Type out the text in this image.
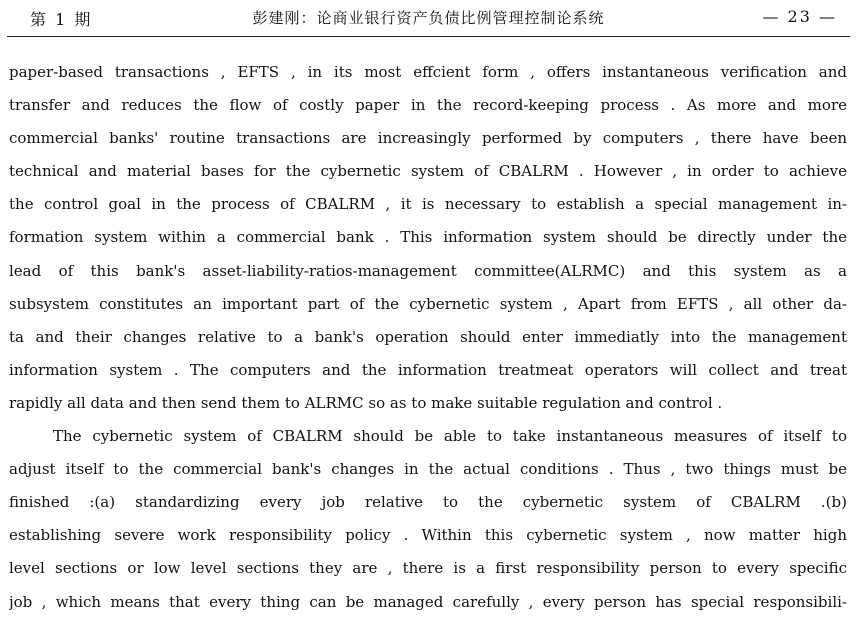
第 1 期	彭建刚：论商业银行资产负债比例管理控制论系统	— 23 —
paper-based transactions , EFTS , in its most effcient form , offers instantaneous verification and
transfer and reduces the flow of costly paper in the record-keeping process . As more and more
commercial banks' routine transactions are increasingly performed by computers , there have been
technical and material bases for the cybernetic system of CBALRM . However , in order to achieve
the control goal in the process of CBALRM , it is necessary to establish a special management in-
formation system within a commercial bank . This information system should be directly under the
lead of this bank's asset-liability-ratios-management committee(ALRMC) and this system as a
subsystem constitutes an important part of the cybernetic system , Apart from EFTS , all other da-
ta and their changes relative to a bank's operation should enter immediatly into the management
information system . The computers and the information treatmeat operators will collect and treat
rapidly all data and then send them to ALRMC so as to make suitable regulation and control .
The cybernetic system of CBALRM should be able to take instantaneous measures of itself to
adjust itself to the commercial bank's changes in the actual conditions . Thus , two things must be
finished :(a) standardizing every job relative to the cybernetic system of CBALRM .(b)
establishing severe work responsibility policy . Within this cybernetic system , now matter high
level sections or low level sections they are , there is a first responsibility person to every specific
job , which means that every thing can be managed carefully , every person has special responsibili-
